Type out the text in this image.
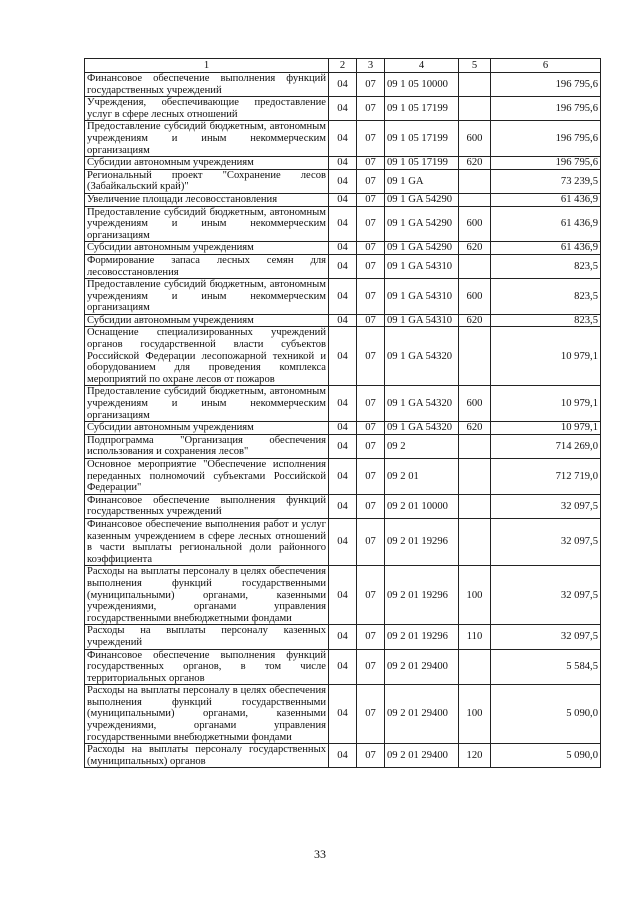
1	2	3	4	5	6
Финансовое обеспечение выполнения функций государственных учреждений	04	07	09 1 05 10000		196 795,6
Учреждения, обеспечивающие предоставление услуг в сфере лесных отношений	04	07	09 1 05 17199		196 795,6
Предоставление субсидий бюджетным, автономным учреждениям и иным некоммерческим организациям	04	07	09 1 05 17199	600	196 795,6
Субсидии автономным учреждениям	04	07	09 1 05 17199	620	196 795,6
Региональный проект "Сохранение лесов (Забайкальский край)"	04	07	09 1 GA		73 239,5
Увеличение площади лесовосстановления	04	07	09 1 GA 54290		61 436,9
Предоставление субсидий бюджетным, автономным учреждениям и иным некоммерческим организациям	04	07	09 1 GA 54290	600	61 436,9
Субсидии автономным учреждениям	04	07	09 1 GA 54290	620	61 436,9
Формирование запаса лесных семян для лесовосстановления	04	07	09 1 GA 54310		823,5
Предоставление субсидий бюджетным, автономным учреждениям и иным некоммерческим организациям	04	07	09 1 GA 54310	600	823,5
Субсидии автономным учреждениям	04	07	09 1 GA 54310	620	823,5
Оснащение специализированных учреждений органов государственной власти субъектов Российской Федерации лесопожарной техникой и оборудованием для проведения комплекса мероприятий по охране лесов от пожаров	04	07	09 1 GA 54320		10 979,1
Предоставление субсидий бюджетным, автономным учреждениям и иным некоммерческим организациям	04	07	09 1 GA 54320	600	10 979,1
Субсидии автономным учреждениям	04	07	09 1 GA 54320	620	10 979,1
Подпрограмма "Организация обеспечения использования и сохранения лесов"	04	07	09 2		714 269,0
Основное мероприятие "Обеспечение исполнения переданных полномочий субъектами Российской Федерации"	04	07	09 2 01		712 719,0
Финансовое обеспечение выполнения функций государственных учреждений	04	07	09 2 01 10000		32 097,5
Финансовое обеспечение выполнения работ и услуг казенным учреждением в сфере лесных отношений в части выплаты региональной доли районного коэффициента	04	07	09 2 01 19296		32 097,5
Расходы на выплаты персоналу в целях обеспечения выполнения функций государственными (муниципальными) органами, казенными учреждениями, органами управления государственными внебюджетными фондами	04	07	09 2 01 19296	100	32 097,5
Расходы на выплаты персоналу казенных учреждений	04	07	09 2 01 19296	110	32 097,5
Финансовое обеспечение выполнения функций государственных органов, в том числе территориальных органов	04	07	09 2 01 29400		5 584,5
Расходы на выплаты персоналу в целях обеспечения выполнения функций государственными (муниципальными) органами, казенными учреждениями, органами управления государственными внебюджетными фондами	04	07	09 2 01 29400	100	5 090,0
Расходы на выплаты персоналу государственных (муниципальных) органов	04	07	09 2 01 29400	120	5 090,0
33
